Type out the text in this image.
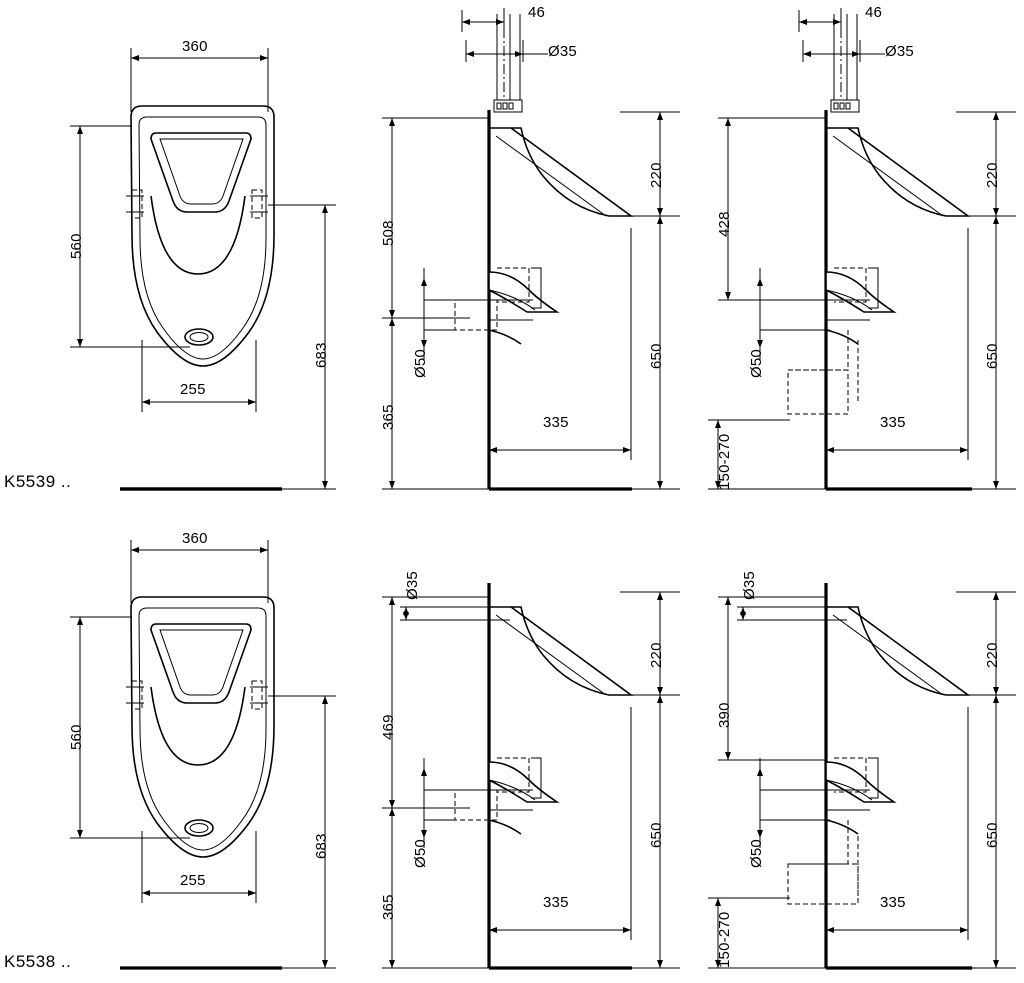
360
560
683
255
46
Ø35
508
365
Ø50
220
650
335
46
Ø35
428
150-270
Ø50
220
650
335
360
560
683
255
Ø35
469
365
Ø50
220
650
335
Ø35
390
150-270
Ø50
220
650
335
K5539 ..
K5538 ..
